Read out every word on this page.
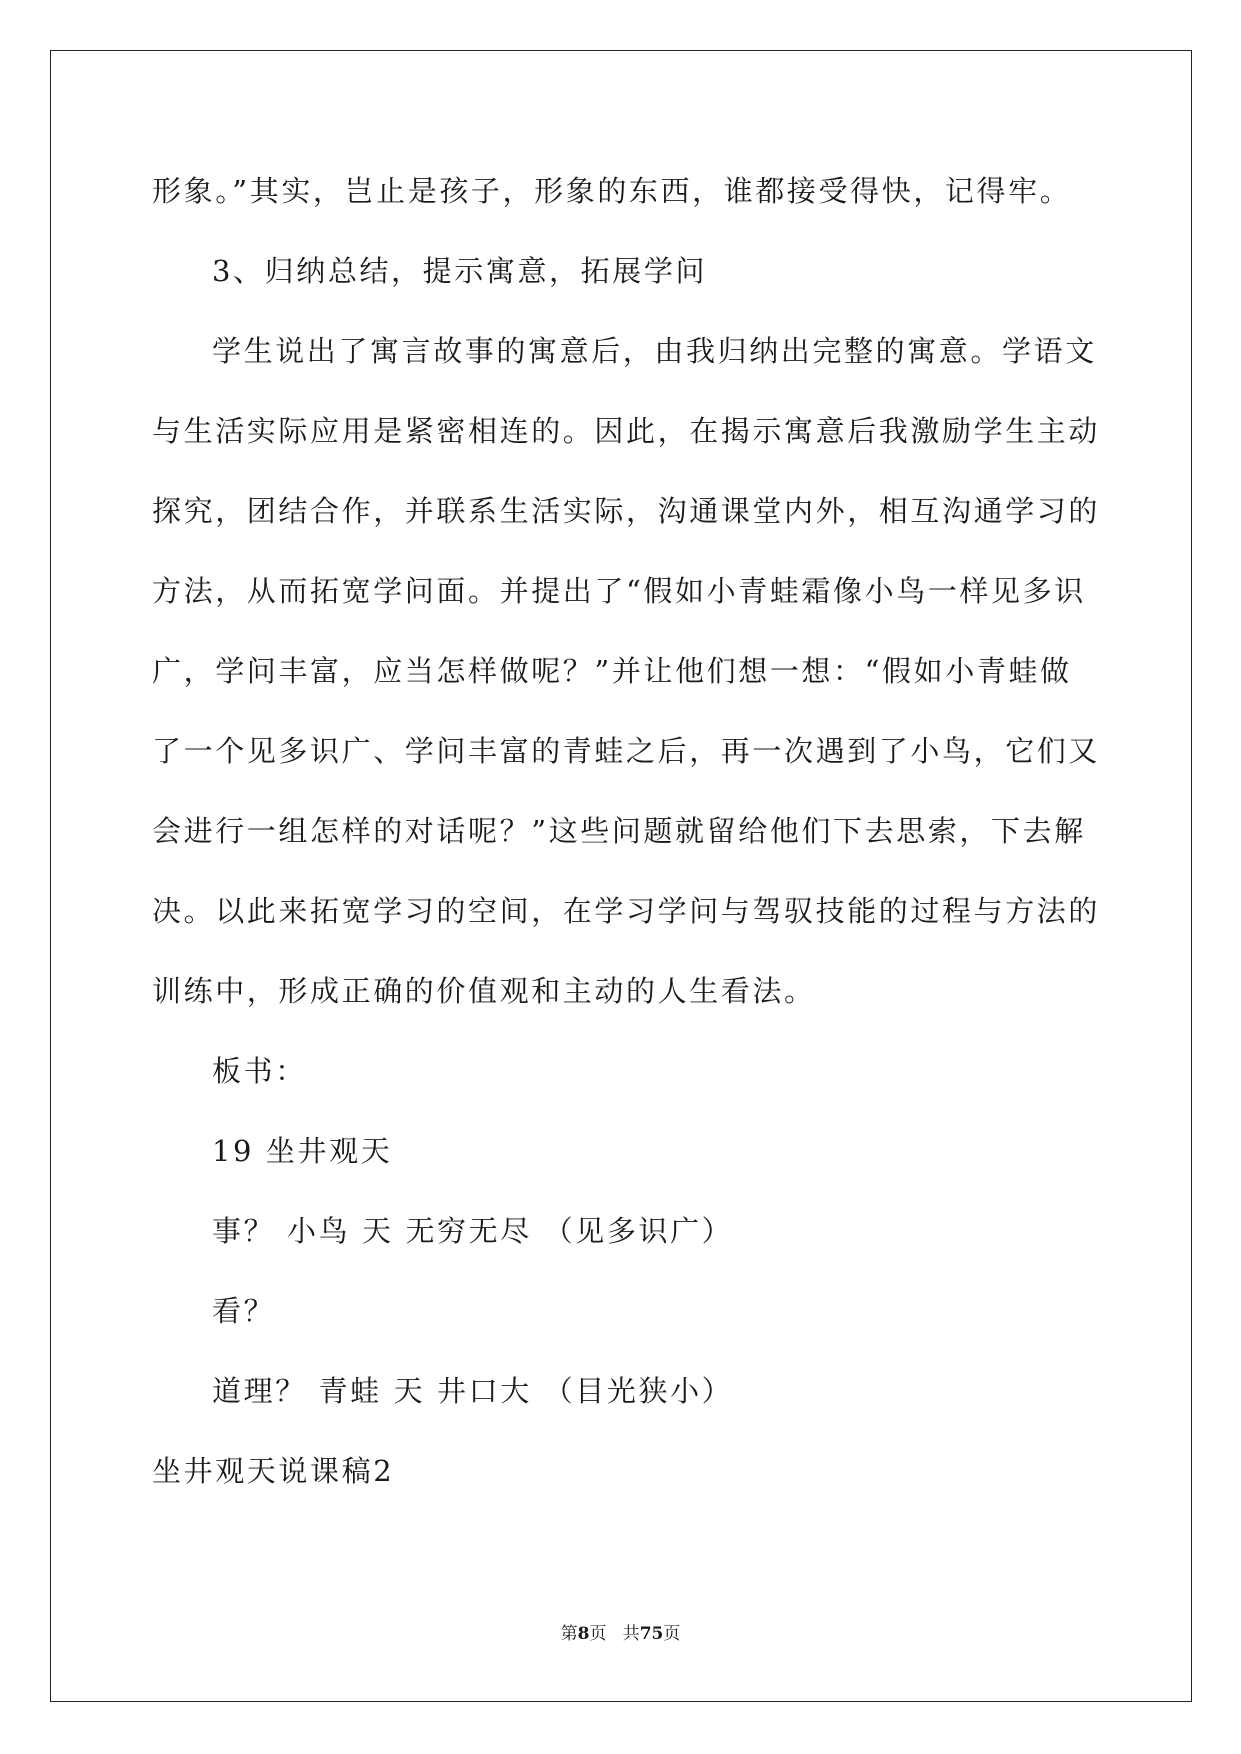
形象。”其实，岂止是孩子，形象的东西，谁都接受得快，记得牢。
3、归纳总结，提示寓意，拓展学问
学生说出了寓言故事的寓意后，由我归纳出完整的寓意。学语文
与生活实际应用是紧密相连的。因此，在揭示寓意后我激励学生主动
探究，团结合作，并联系生活实际，沟通课堂内外，相互沟通学习的
方法，从而拓宽学问面。并提出了“假如小青蛙霜像小鸟一样见多识
广，学问丰富，应当怎样做呢？”并让他们想一想：“假如小青蛙做
了一个见多识广、学问丰富的青蛙之后，再一次遇到了小鸟，它们又
会进行一组怎样的对话呢？”这些问题就留给他们下去思索，下去解
决。以此来拓宽学习的空间，在学习学问与驾驭技能的过程与方法的
训练中，形成正确的价值观和主动的人生看法。
板书：
19 坐井观天
事？ 小鸟 天 无穷无尽 （见多识广）
看？
道理？ 青蛙 天 井口大 （目光狭小）
坐井观天说课稿2
第8页   共75页
